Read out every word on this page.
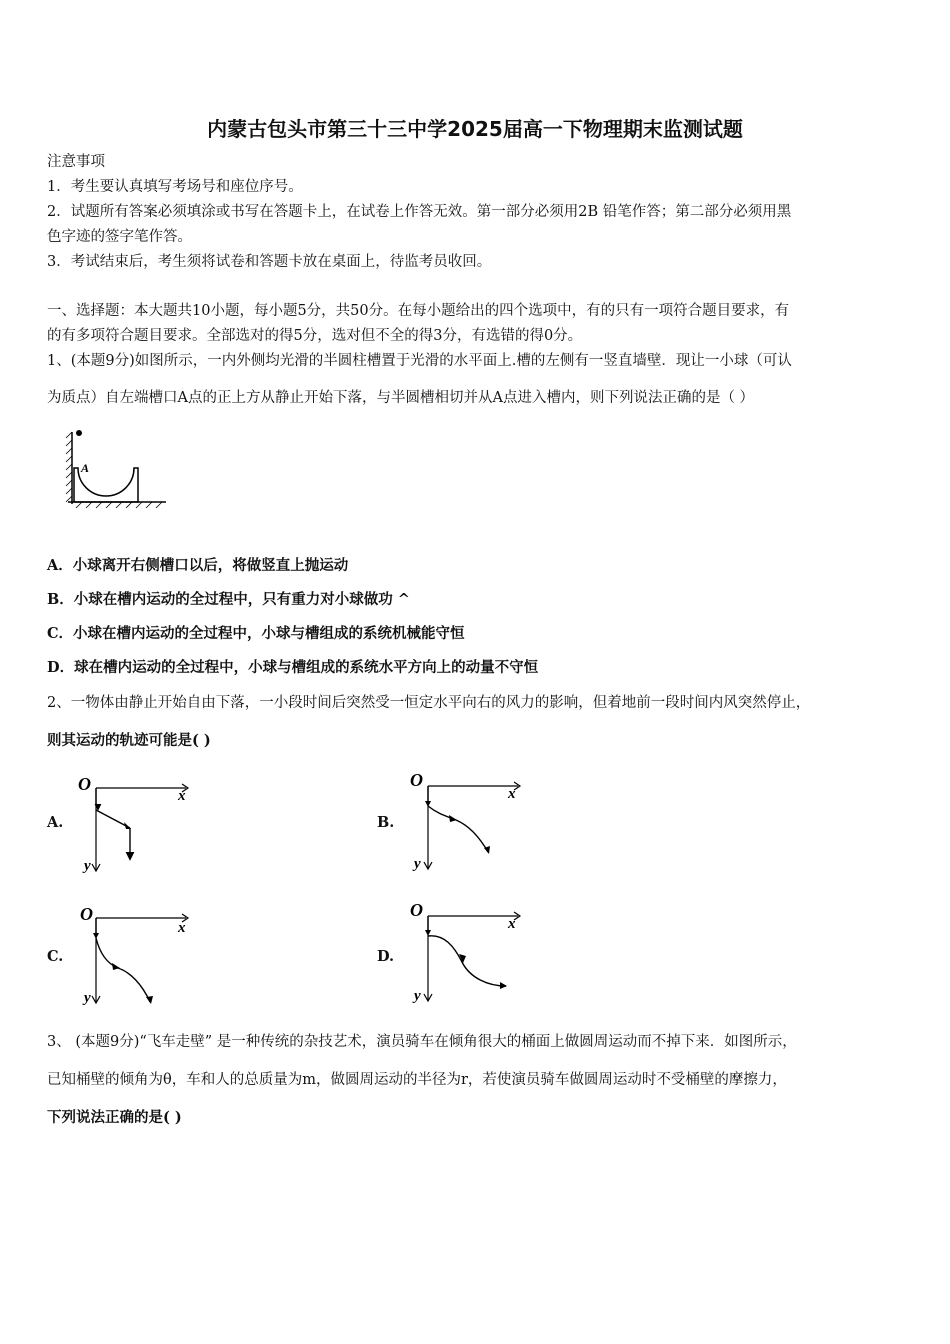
内蒙古包头市第三十三中学2025届高一下物理期末监测试题

注意事项

1．考生要认真填写考场号和座位序号。

2．试题所有答案必须填涂或书写在答题卡上，在试卷上作答无效。第一部分必须用2B 铅笔作答；第二部分必须用黑

色字迹的签字笔作答。

3．考试结束后，考生须将试卷和答题卡放在桌面上，待监考员收回。

一、选择题：本大题共10小题，每小题5分，共50分。在每小题给出的四个选项中，有的只有一项符合题目要求，有

的有多项符合题目要求。全部选对的得5分，选对但不全的得3分，有选错的得0分。

1、(本题9分)如图所示，一内外侧均光滑的半圆柱槽置于光滑的水平面上.槽的左侧有一竖直墙壁．现让一小球（可认

为质点）自左端槽口A点的正上方从静止开始下落，与半圆槽相切并从A点进入槽内，则下列说法正确的是（ ）

A

A．小球离开右侧槽口以后，将做竖直上抛运动

B．小球在槽内运动的全过程中，只有重力对小球做功 ^

C．小球在槽内运动的全过程中，小球与槽组成的系统机械能守恒

D．球在槽内运动的全过程中，小球与槽组成的系统水平方向上的动量不守恒

2、一物体由静止开始自由下落，一小段时间后突然受一恒定水平向右的风力的影响，但着地前一段时间内风突然停止，

则其运动的轨迹可能是( )

A.	B.
C.	D.
O
x
y
O
x
y
O
x
y
O
x
y

3、 (本题9分)“飞车走壁” 是一种传统的杂技艺术，演员骑车在倾角很大的桶面上做圆周运动而不掉下来．如图所示，

已知桶壁的倾角为θ，车和人的总质量为m，做圆周运动的半径为r，若使演员骑车做圆周运动时不受桶壁的摩擦力，

下列说法正确的是( )
